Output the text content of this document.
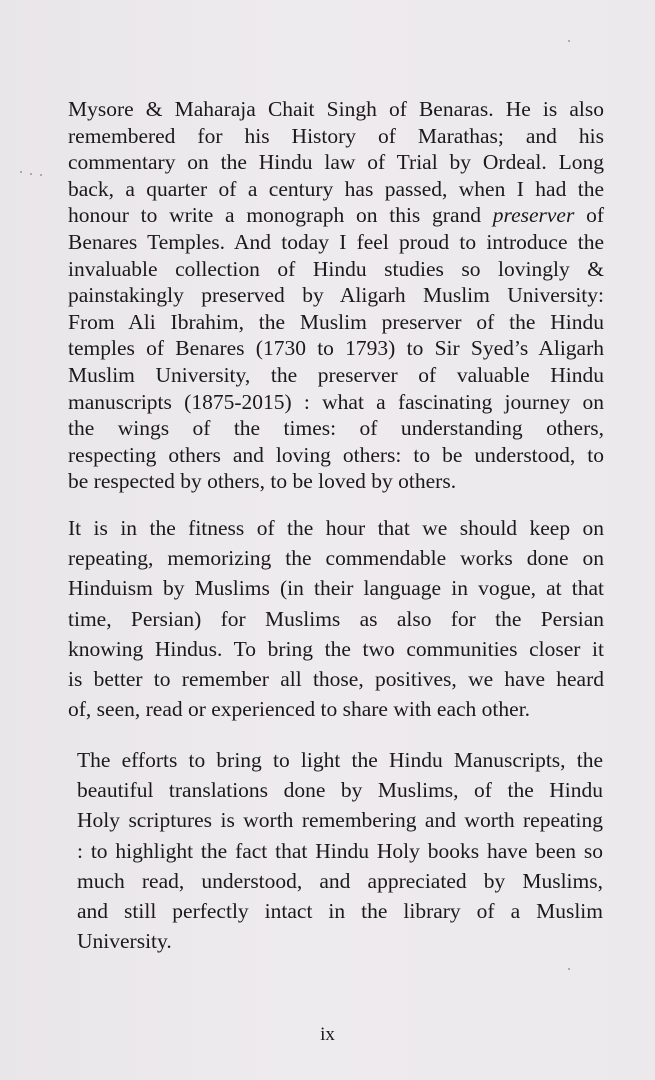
Mysore & Maharaja Chait Singh of Benaras. He is also
remembered for his History of Marathas; and his
commentary on the Hindu law of Trial by Ordeal. Long
back, a quarter of a century has passed, when I had the
honour to write a monograph on this grand preserver of
Benares Temples. And today I feel proud to introduce the
invaluable collection of Hindu studies so lovingly &
painstakingly preserved by Aligarh Muslim University:
From Ali Ibrahim, the Muslim preserver of the Hindu
temples of Benares (1730 to 1793) to Sir Syed’s Aligarh
Muslim University, the preserver of valuable Hindu
manuscripts (1875-2015) : what a fascinating journey on
the wings of the times: of understanding others,
respecting others and loving others: to be understood, to
be respected by others, to be loved by others.
It is in the fitness of the hour that we should keep on
repeating, memorizing the commendable works done on
Hinduism by Muslims (in their language in vogue, at that
time, Persian) for Muslims as also for the Persian
knowing Hindus. To bring the two communities closer it
is better to remember all those, positives, we have heard
of, seen, read or experienced to share with each other.
The efforts to bring to light the Hindu Manuscripts, the
beautiful translations done by Muslims, of the Hindu
Holy scriptures is worth remembering and worth repeating
: to highlight the fact that Hindu Holy books have been so
much read, understood, and appreciated by Muslims,
and still perfectly intact in the library of a Muslim
University.
ix
